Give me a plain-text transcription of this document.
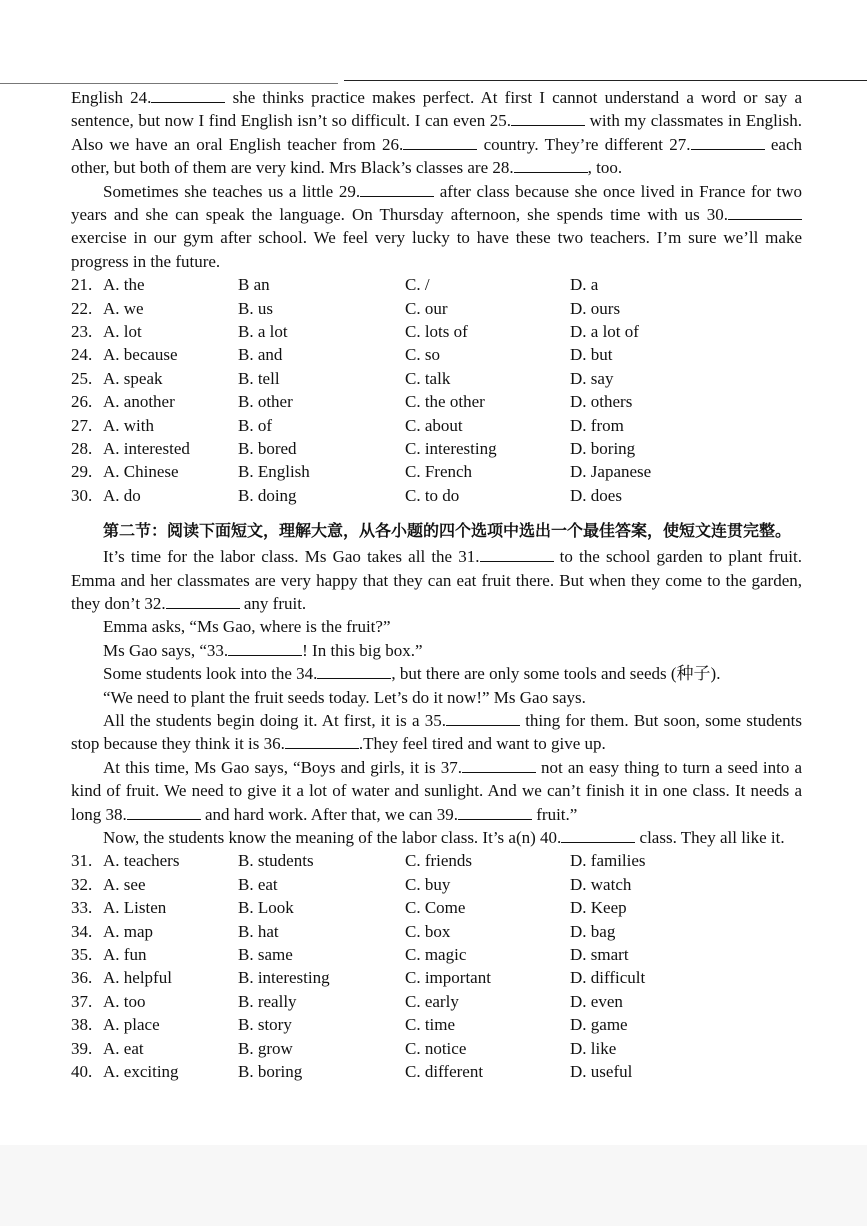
English 24.	she thinks practice makes perfect. At first I cannot understand a word or say a sentence, but now I find English isn’t so difficult. I can even 25.	with my classmates in English. Also we have an oral English teacher from 26.	country. They’re different 27.	each other, but both of them are very kind. Mrs Black’s classes are 28.	, too.

Sometimes she teaches us a little 29.	after class because she once lived in France for two years and she can speak the language. On Thursday afternoon, she spends time with us 30. exercise in our gym after school. We feel very lucky to have these two teachers. I’m sure we’ll make progress in the future.

21. A. the	B an	C. /	D. a
22. A. we	B. us	C. our	D. ours
23. A. lot	B. a lot	C. lots of	D. a lot of
24. A. because	B. and	C. so	D. but
25. A. speak	B. tell	C. talk	D. say
26. A. another	B. other	C. the other	D. others
27. A. with	B. of	C. about	D. from
28. A. interested	B. bored	C. interesting	D. boring
29. A. Chinese	B. English	C. French	D. Japanese
30. A. do	B. doing	C. to do	D. does
第二节：阅读下面短文，理解大意，从各小题的四个选项中选出一个最佳答案，使短文连贯完整。

It’s time for the labor class. Ms Gao takes all the 31.	to the school garden to plant fruit. Emma and her classmates are very happy that they can eat fruit there. But when they come to the garden, they don’t 32.	any fruit.

Emma asks, “Ms Gao, where is the fruit?”

Ms Gao says, “33.	! In this big box.”

Some students look into the 34.	, but there are only some tools and seeds (种子).

“We need to plant the fruit seeds today. Let’s do it now!” Ms Gao says.

All the students begin doing it. At first, it is a 35.	thing for them. But soon, some students stop because they think it is 36.	.They feel tired and want to give up.

At this time, Ms Gao says, “Boys and girls, it is 37.	not an easy thing to turn a seed into a kind of fruit. We need to give it a lot of water and sunlight. And we can’t finish it in one class. It needs a long 38.	and hard work. After that, we can 39.	fruit.”

Now, the students know the meaning of the labor class. It’s a(n) 40.	class. They all like it.

31. A. teachers	B. students	C. friends	D. families
32. A. see	B. eat	C. buy	D. watch
33. A. Listen	B. Look	C. Come	D. Keep
34. A. map	B. hat	C. box	D. bag
35. A. fun	B. same	C. magic	D. smart
36. A. helpful	B. interesting	C. important	D. difficult
37. A. too	B. really	C. early	D. even
38. A. place	B. story	C. time	D. game
39. A. eat	B. grow	C. notice	D. like
40. A. exciting	B. boring	C. different	D. useful
